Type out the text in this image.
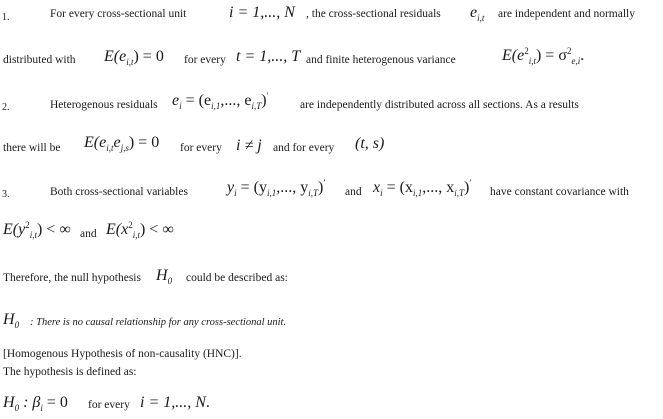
1.	For every cross-sectional unit	i = 1,..., N , the cross-sectional residuals $e_{i,t}$ are independent and normally
distributed with $E(e_{i,t}) = 0$ for every t = 1,..., T and finite heterogenous variance	$E(e^2_{i,t}) = \sigma^2_{e,i}$.
2.	Heterogenous residuals $e_i = (e_{i,1}$,..., $e_{i,T})'$
are independently distributed across all sections. As a results
there will be $E(e_{i,t}e_{j,s}) = 0$ for every i ≠ j and for every (t, s)
3.	Both cross-sectional variables $y_i = (y_{i,1}$,..., $y_{i,T})'$
and $x_i = (x_{i,1}$,..., $x_{i,T})'$
have constant covariance with
$E(y^2_{i,t})$ < ∞ and $E(x^2_{i,t})$ < ∞
Therefore, the null hypothesis $H_0$ could be described as:
$H_0$ : There is no causal relationship for any cross-sectional unit.
[Homogenous Hypothesis of non-causality (HNC)].
The hypothesis is defined as:
$H_0$ : $\beta_i = 0$ for every i = 1,..., N.
